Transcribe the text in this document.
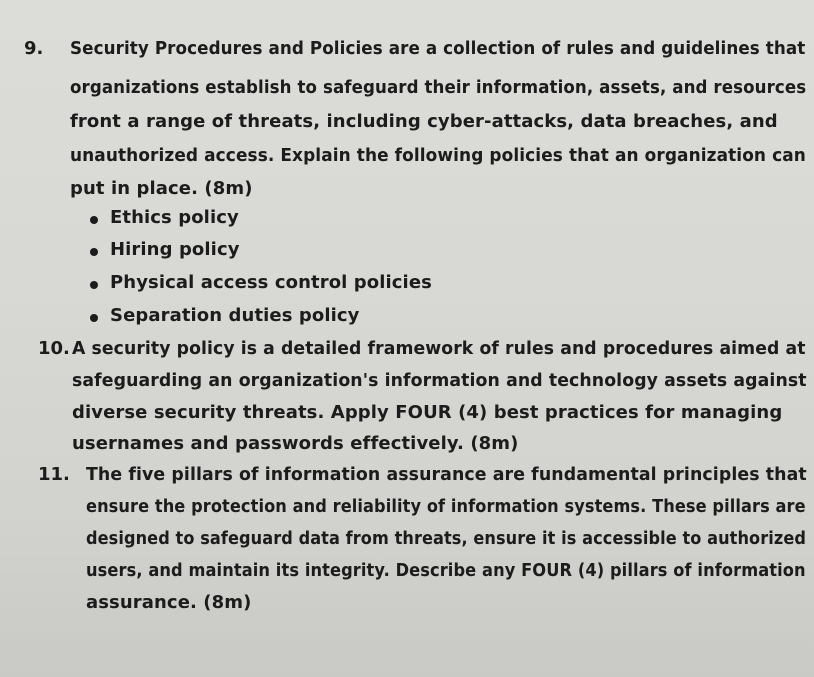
9. Security Procedures and Policies are a collection of rules and guidelines that
organizations establish to safeguard their information, assets, and resources
front a range of threats, including cyber-attacks, data breaches, and
unauthorized access. Explain the following policies that an organization can
put in place. (8m)
Ethics policy
Hiring policy
Physical access control policies
Separation duties policy
10. A security policy is a detailed framework of rules and procedures aimed at
safeguarding an organization's information and technology assets against
diverse security threats. Apply FOUR (4) best practices for managing
usernames and passwords effectively. (8m)
11. The five pillars of information assurance are fundamental principles that
ensure the protection and reliability of information systems. These pillars are
designed to safeguard data from threats, ensure it is accessible to authorized
users, and maintain its integrity. Describe any FOUR (4) pillars of information
assurance. (8m)
